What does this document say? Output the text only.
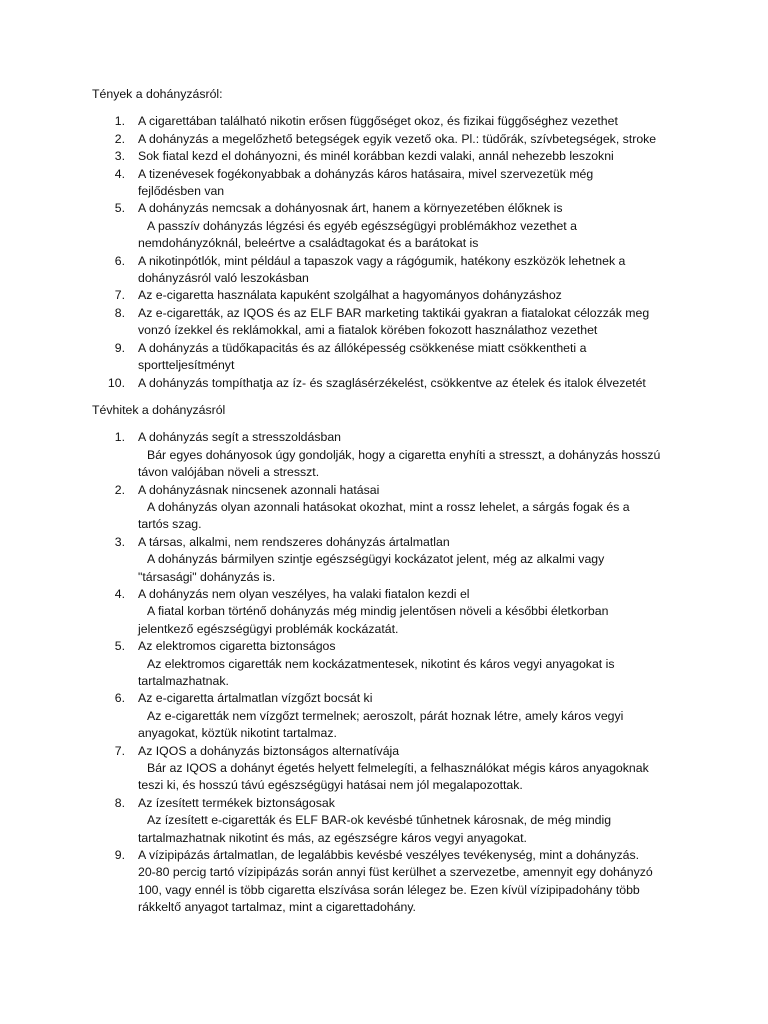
Tények a dohányzásról:

1. A cigarettában található nikotin erősen függőséget okoz, és fizikai függőséghez vezethet
2. A dohányzás a megelőzhető betegségek egyik vezető oka. Pl.: tüdőrák, szívbetegségek, stroke
3. Sok fiatal kezd el dohányozni, és minél korábban kezdi valaki, annál nehezebb leszokni
4. A tizenévesek fogékonyabbak a dohányzás káros hatásaira, mivel szervezetük még
fejlődésben van
5. A dohányzás nemcsak a dohányosnak árt, hanem a környezetében élőknek is
A passzív dohányzás légzési és egyéb egészségügyi problémákhoz vezethet a
nemdohányzóknál, beleértve a családtagokat és a barátokat is
6. A nikotinpótlók, mint például a tapaszok vagy a rágógumik, hatékony eszközök lehetnek a
dohányzásról való leszokásban
7. Az e-cigaretta használata kapuként szolgálhat a hagyományos dohányzáshoz
8. Az e-cigaretták, az IQOS és az ELF BAR marketing taktikái gyakran a fiatalokat célozzák meg
vonzó ízekkel és reklámokkal, ami a fiatalok körében fokozott használathoz vezethet
9. A dohányzás a tüdőkapacitás és az állóképesség csökkenése miatt csökkentheti a
sportteljesítményt
10. A dohányzás tompíthatja az íz- és szaglásérzékelést, csökkentve az ételek és italok élvezetét

Tévhitek a dohányzásról

1. A dohányzás segít a stresszoldásban
Bár egyes dohányosok úgy gondolják, hogy a cigaretta enyhíti a stresszt, a dohányzás hosszú
távon valójában növeli a stresszt.
2. A dohányzásnak nincsenek azonnali hatásai
A dohányzás olyan azonnali hatásokat okozhat, mint a rossz lehelet, a sárgás fogak és a
tartós szag.
3. A társas, alkalmi, nem rendszeres dohányzás ártalmatlan
A dohányzás bármilyen szintje egészségügyi kockázatot jelent, még az alkalmi vagy
"társasági" dohányzás is.
4. A dohányzás nem olyan veszélyes, ha valaki fiatalon kezdi el
A fiatal korban történő dohányzás még mindig jelentősen növeli a későbbi életkorban
jelentkező egészségügyi problémák kockázatát.
5. Az elektromos cigaretta biztonságos
Az elektromos cigaretták nem kockázatmentesek, nikotint és káros vegyi anyagokat is
tartalmazhatnak.
6. Az e-cigaretta ártalmatlan vízgőzt bocsát ki
Az e-cigaretták nem vízgőzt termelnek; aeroszolt, párát hoznak létre, amely káros vegyi
anyagokat, köztük nikotint tartalmaz.
7. Az IQOS a dohányzás biztonságos alternatívája
Bár az IQOS a dohányt égetés helyett felmelegíti, a felhasználókat mégis káros anyagoknak
teszi ki, és hosszú távú egészségügyi hatásai nem jól megalapozottak.
8. Az ízesített termékek biztonságosak
Az ízesített e-cigaretták és ELF BAR-ok kevésbé tűnhetnek károsnak, de még mindig
tartalmazhatnak nikotint és más, az egészségre káros vegyi anyagokat.
9. A vízipipázás ártalmatlan, de legalábbis kevésbé veszélyes tevékenység, mint a dohányzás.
20-80 percig tartó vízipipázás során annyi füst kerülhet a szervezetbe, amennyit egy dohányzó
100, vagy ennél is több cigaretta elszívása során lélegez be. Ezen kívül vízipipadohány több
rákkeltő anyagot tartalmaz, mint a cigarettadohány.
